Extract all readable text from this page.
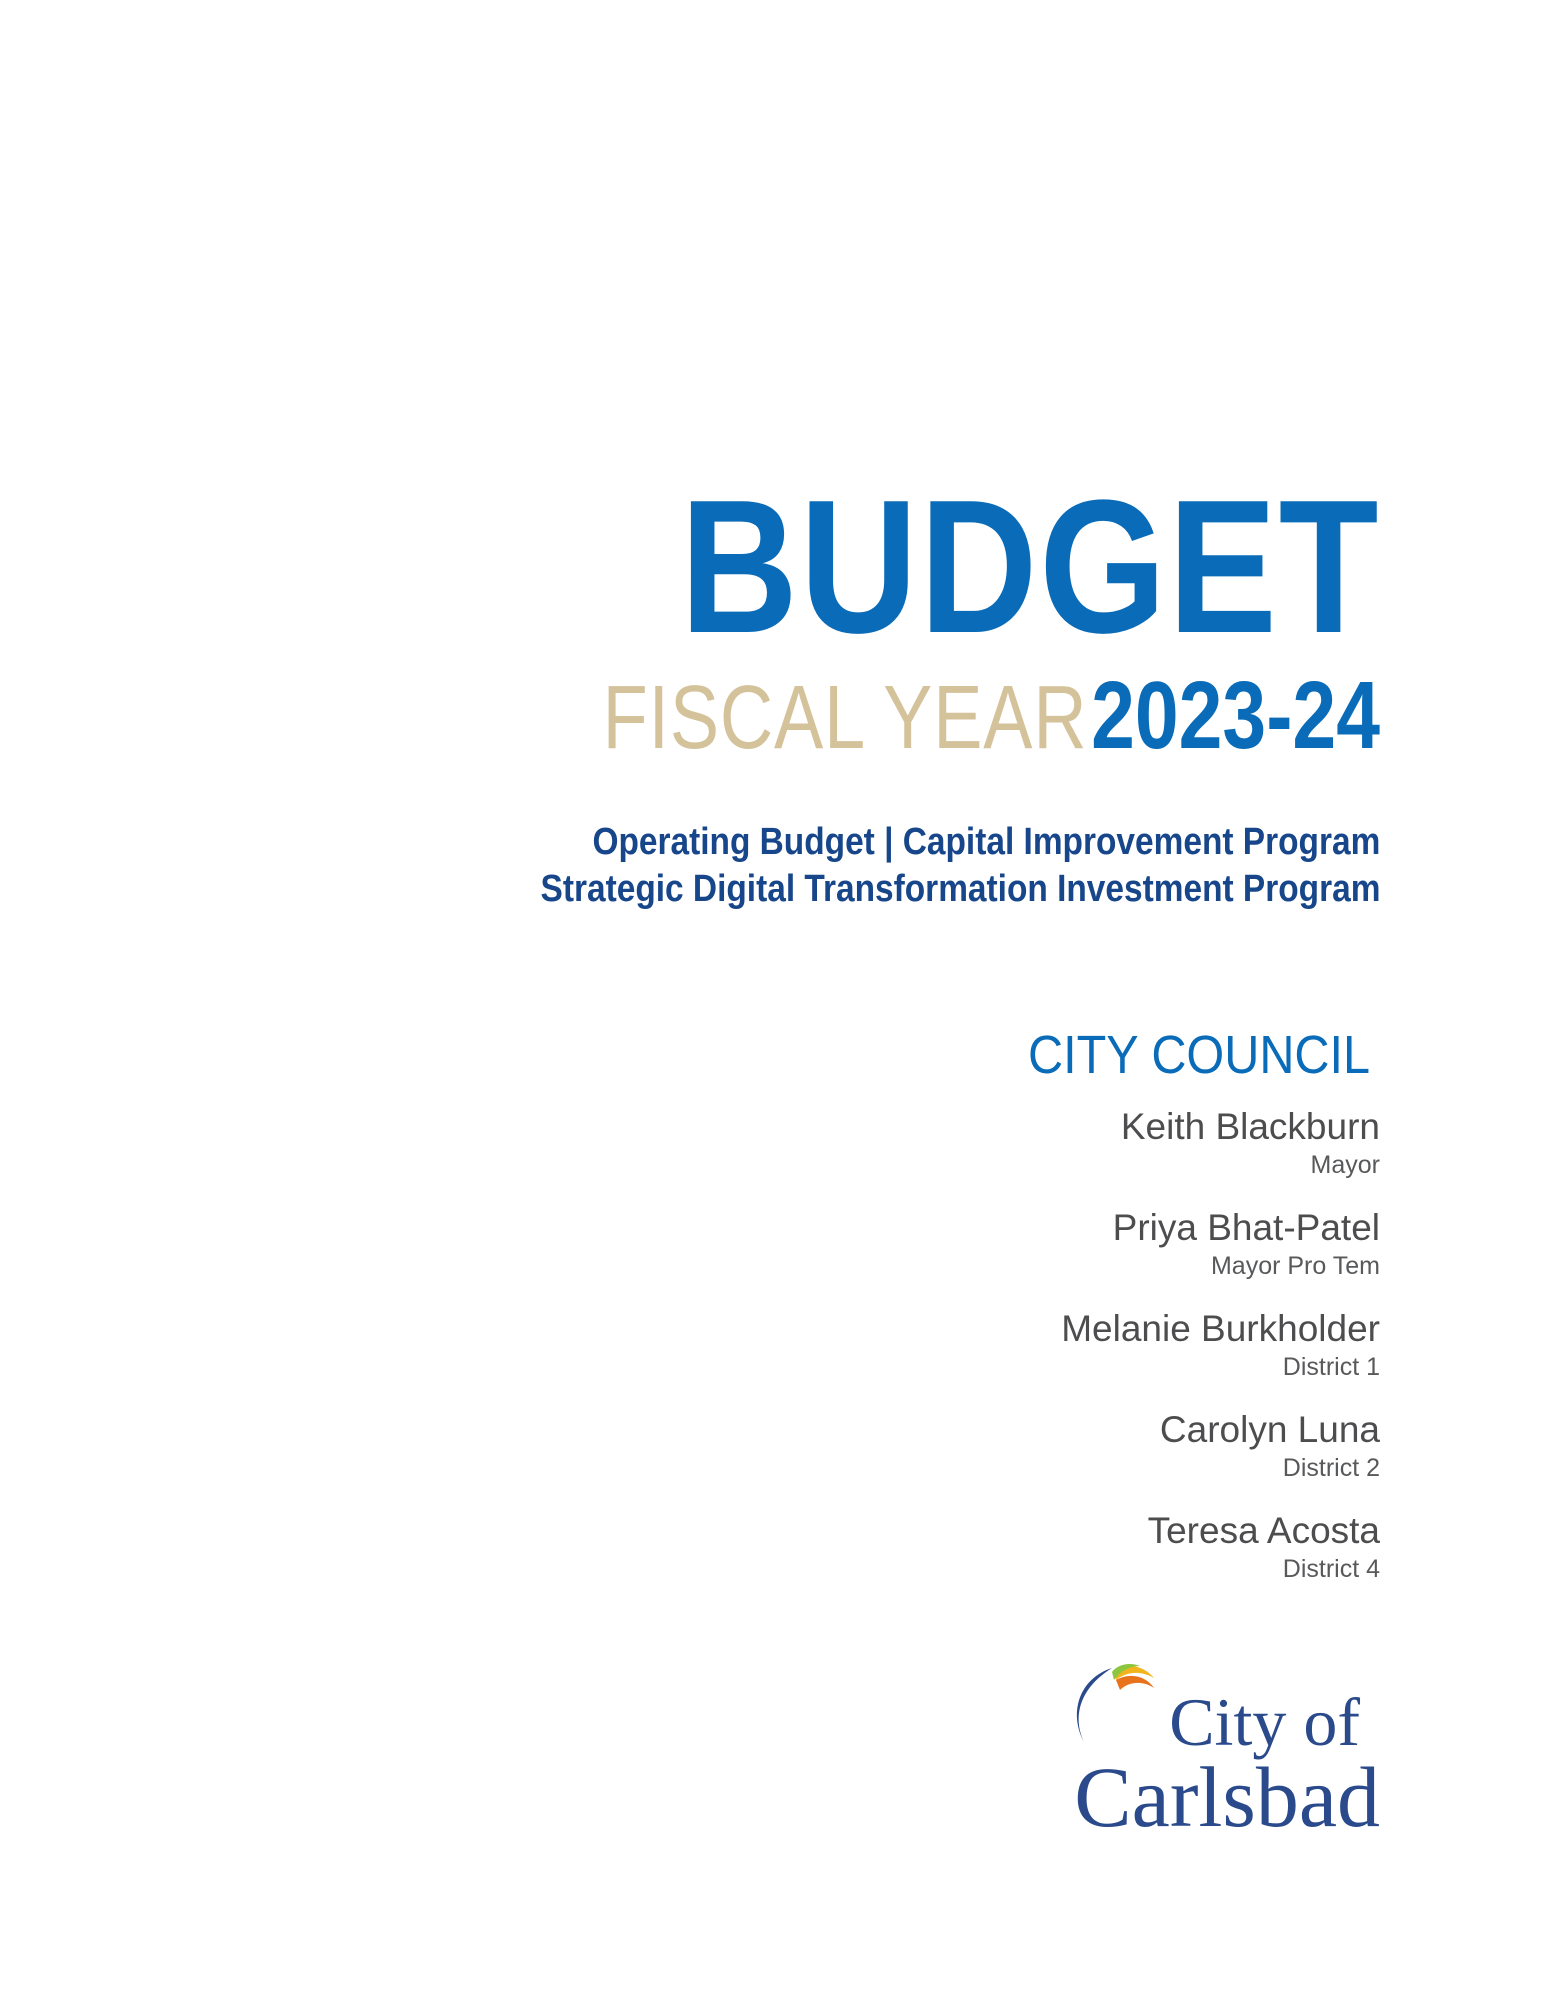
BUDGET
FISCAL YEAR 2023-24
Operating Budget | Capital Improvement Program
Strategic Digital Transformation Investment Program
CITY COUNCIL
Keith Blackburn
Mayor
Priya Bhat-Patel
Mayor Pro Tem
Melanie Burkholder
District 1
Carolyn Luna
District 2
Teresa Acosta
District 4
City of
Carlsbad
